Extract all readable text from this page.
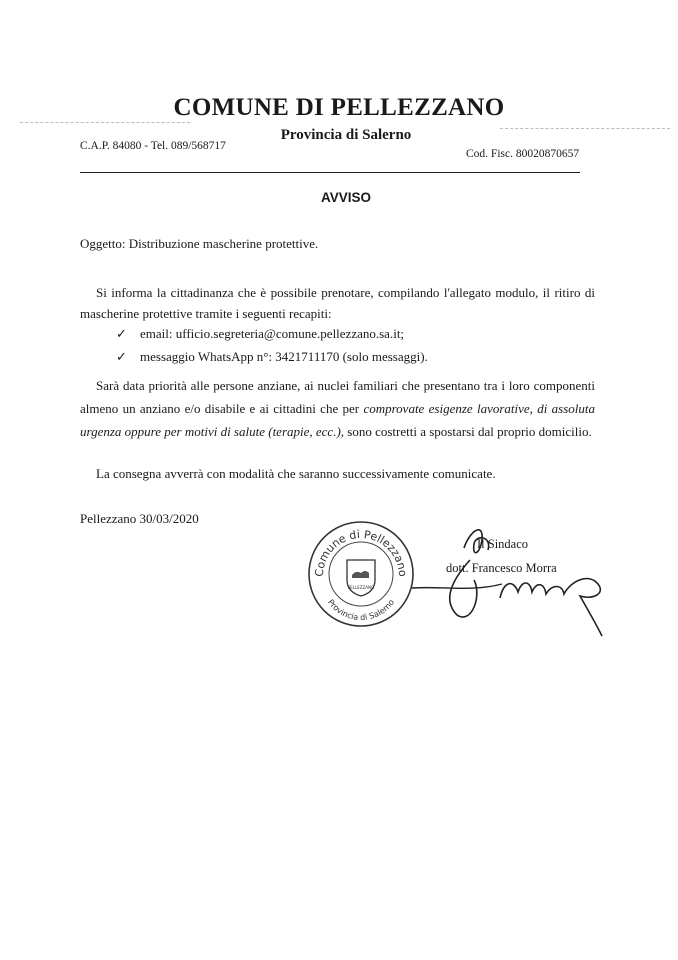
COMUNE DI PELLEZZANO
Provincia di Salerno
C.A.P. 84080 - Tel. 089/568717
Cod. Fisc. 80020870657
AVVISO
Oggetto: Distribuzione mascherine protettive.
Si informa la cittadinanza che è possibile prenotare, compilando l'allegato modulo, il ritiro di mascherine protettive tramite i seguenti recapiti:
✓ email: ufficio.segreteria@comune.pellezzano.sa.it;
✓ messaggio WhatsApp n°: 3421711170 (solo messaggi).
Sarà data priorità alle persone anziane, ai nuclei familiari che presentano tra i loro componenti almeno un anziano e/o disabile e ai cittadini che per comprovate esigenze lavorative, di assoluta urgenza oppure per motivi di salute (terapie, ecc.), sono costretti a spostarsi dal proprio domicilio.
La consegna avverrà con modalità che saranno successivamente comunicate.
Pellezzano 30/03/2020
Comune di Pellezzano
Provincia di Salerno
PELLEZZANO
Il Sindaco
dott. Francesco Morra
